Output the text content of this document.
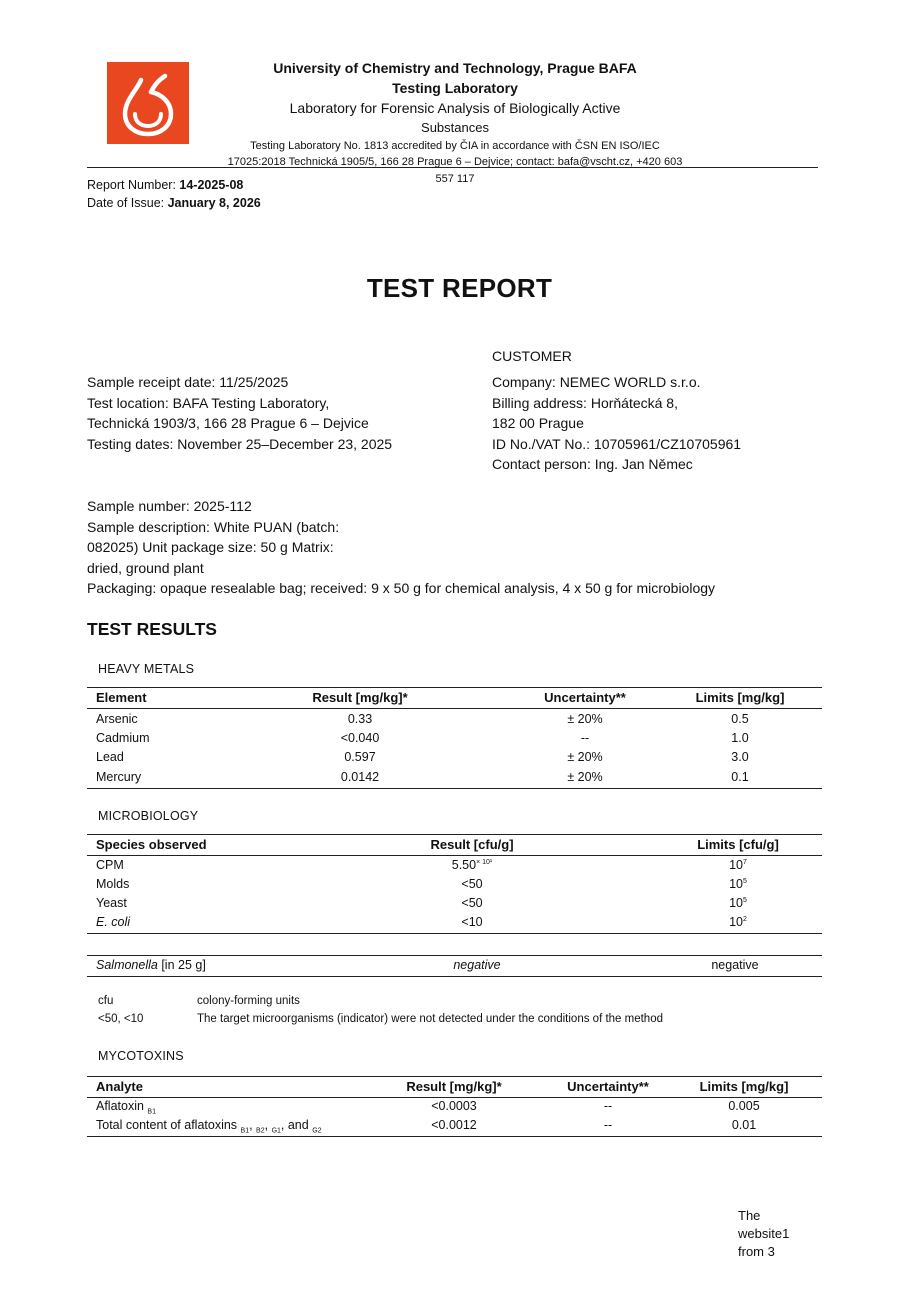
University of Chemistry and Technology, Prague BAFA
Testing Laboratory
Laboratory for Forensic Analysis of Biologically Active
Substances
Testing Laboratory No. 1813 accredited by ČIA in accordance with ČSN EN ISO/IEC
17025:2018 Technická 1905/5, 166 28 Prague 6 – Dejvice; contact: bafa@vscht.cz, +420 603
557 117
Report Number: 14-2025-08
Date of Issue: January 8, 2026
TEST REPORT
Sample receipt date: 11/25/2025
Test location: BAFA Testing Laboratory,
Technická 1903/3, 166 28 Prague 6 – Dejvice
Testing dates: November 25–December 23, 2025
CUSTOMER
Company: NEMEC WORLD s.r.o.
Billing address: Horňátecká 8,
182 00 Prague
ID No./VAT No.: 10705961/CZ10705961
Contact person: Ing. Jan Němec
Sample number: 2025-112
Sample description: White PUAN (batch:
082025) Unit package size: 50 g Matrix:
dried, ground plant
Packaging: opaque resealable bag; received: 9 x 50 g for chemical analysis, 4 x 50 g for microbiology
TEST RESULTS
HEAVY METALS
Element	Result [mg/kg]*	Uncertainty**	Limits [mg/kg]
Arsenic	0.33	± 20%	0.5
Cadmium	<0.040	--	1.0
Lead	0.597	± 20%	3.0
Mercury	0.0142	± 20%	0.1
MICROBIOLOGY
Species observed	Result [cfu/g]	Limits [cfu/g]
CPM	$5.50^{\times 10^1}$	$10^7$
Molds	<50	$10^5$
Yeast	<50	$10^5$
E. coli	<10	$10^2$
Salmonella [in 25 g]	negative	negative
cfu	colony-forming units
<50, <10	The target microorganisms (indicator) were not detected under the conditions of the method
MYCOTOXINS
Analyte	Result [mg/kg]*	Uncertainty**	Limits [mg/kg]
Aflatoxin $_{B1}$	<0.0003	--	0.005
Total content of aflatoxins $_{B1}$, $_{B2}$, $_{G1}$, and $_{G2}$	<0.0012	--	0.01
The
website1
from 3
